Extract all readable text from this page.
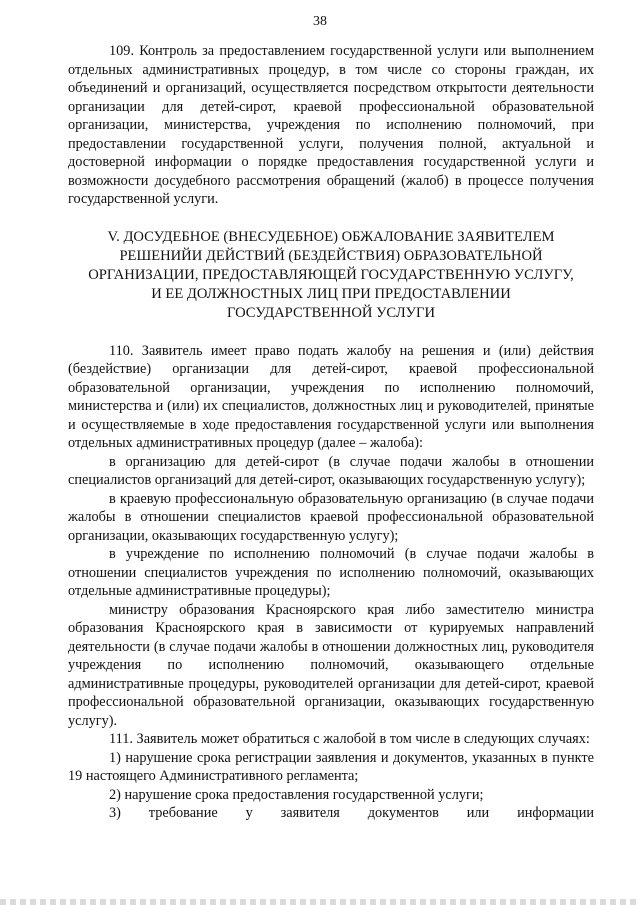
38

109. Контроль за предоставлением государственной услуги или выполнением отдельных административных процедур, в том числе со стороны граждан, их объединений и организаций, осуществляется посредством открытости деятельности организации для детей-сирот, краевой профессиональной образовательной организации, министерства, учреждения по исполнению полномочий, при предоставлении государственной услуги, получения полной, актуальной и достоверной информации о порядке предоставления государственной услуги и возможности досудебного рассмотрения обращений (жалоб) в процессе получения государственной услуги.

V. ДОСУДЕБНОЕ (ВНЕСУДЕБНОЕ) ОБЖАЛОВАНИЕ ЗАЯВИТЕЛЕМ
РЕШЕНИЙИ ДЕЙСТВИЙ (БЕЗДЕЙСТВИЯ) ОБРАЗОВАТЕЛЬНОЙ
ОРГАНИЗАЦИИ, ПРЕДОСТАВЛЯЮЩЕЙ ГОСУДАРСТВЕННУЮ УСЛУГУ,
И ЕЕ ДОЛЖНОСТНЫХ ЛИЦ ПРИ ПРЕДОСТАВЛЕНИИ
ГОСУДАРСТВЕННОЙ УСЛУГИ

110. Заявитель имеет право подать жалобу на решения и (или) действия (бездействие) организации для детей-сирот, краевой профессиональной образовательной организации, учреждения по исполнению полномочий, министерства и (или) их специалистов, должностных лиц и руководителей, принятые и осуществляемые в ходе предоставления государственной услуги или выполнения отдельных административных процедур (далее – жалоба):

в организацию для детей-сирот (в случае подачи жалобы в отношении специалистов организаций для детей-сирот, оказывающих государственную услугу);

в краевую профессиональную образовательную организацию (в случае подачи жалобы в отношении специалистов краевой профессиональной образовательной организации, оказывающих государственную услугу);

в учреждение по исполнению полномочий (в случае подачи жалобы в отношении специалистов учреждения по исполнению полномочий, оказывающих отдельные административные процедуры);

министру образования Красноярского края либо заместителю министра образования Красноярского края в зависимости от курируемых направлений деятельности (в случае подачи жалобы в отношении должностных лиц, руководителя учреждения по исполнению полномочий, оказывающего отдельные административные процедуры, руководителей организации для детей-сирот, краевой профессиональной образовательной организации, оказывающих государственную услугу).

111. Заявитель может обратиться с жалобой в том числе в следующих случаях:

1) нарушение срока регистрации заявления и документов, указанных в пункте 19 настоящего Административного регламента;

2) нарушение срока предоставления государственной услуги;

3) требование у заявителя документов или информации
